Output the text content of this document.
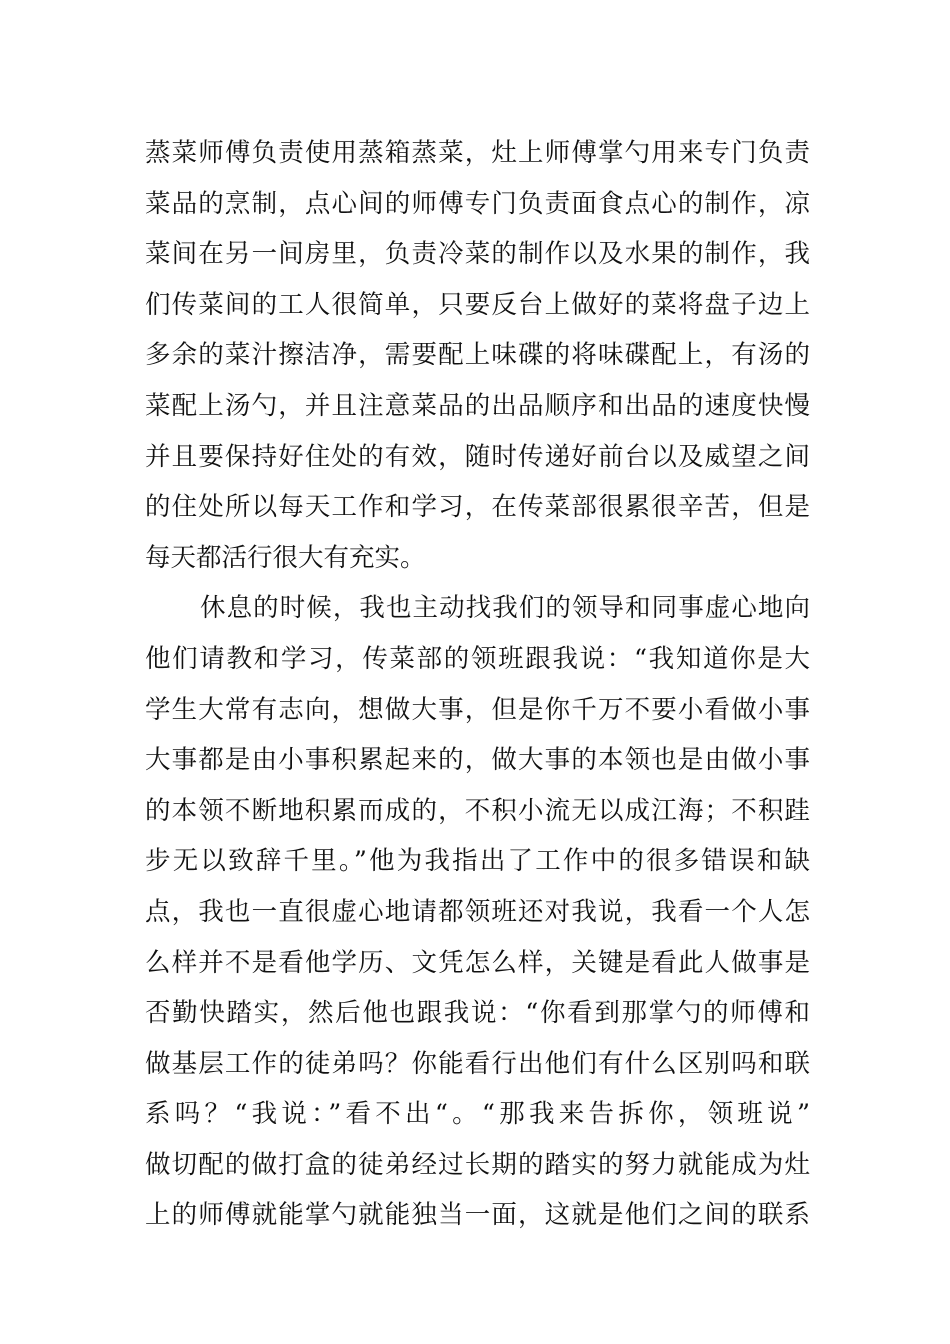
蒸菜师傅负责使用蒸箱蒸菜，灶上师傅掌勺用来专门负责
菜品的烹制，点心间的师傅专门负责面食点心的制作，凉
菜间在另一间房里，负责冷菜的制作以及水果的制作，我
们传菜间的工人很简单，只要反台上做好的菜将盘子边上
多余的菜汁擦洁净，需要配上味碟的将味碟配上，有汤的
菜配上汤勺，并且注意菜品的出品顺序和出品的速度快慢
并且要保持好住处的有效，随时传递好前台以及威望之间
的住处所以每天工作和学习，在传菜部很累很辛苦，但是
每天都活行很大有充实。
休息的时候，我也主动找我们的领导和同事虚心地向
他们请教和学习，传菜部的领班跟我说：“我知道你是大
学生大常有志向，想做大事，但是你千万不要小看做小事
大事都是由小事积累起来的，做大事的本领也是由做小事
的本领不断地积累而成的，不积小流无以成江海；不积跬
步无以致辞千里。”他为我指出了工作中的很多错误和缺
点，我也一直很虚心地请都领班还对我说，我看一个人怎
么样并不是看他学历、文凭怎么样，关键是看此人做事是
否勤快踏实，然后他也跟我说：“你看到那掌勺的师傅和
做基层工作的徒弟吗？你能看行出他们有什么区别吗和联
系吗？“我说：”看不出“。“那我来告拆你，领班说”
做切配的做打盒的徒弟经过长期的踏实的努力就能成为灶
上的师傅就能掌勺就能独当一面，这就是他们之间的联系
